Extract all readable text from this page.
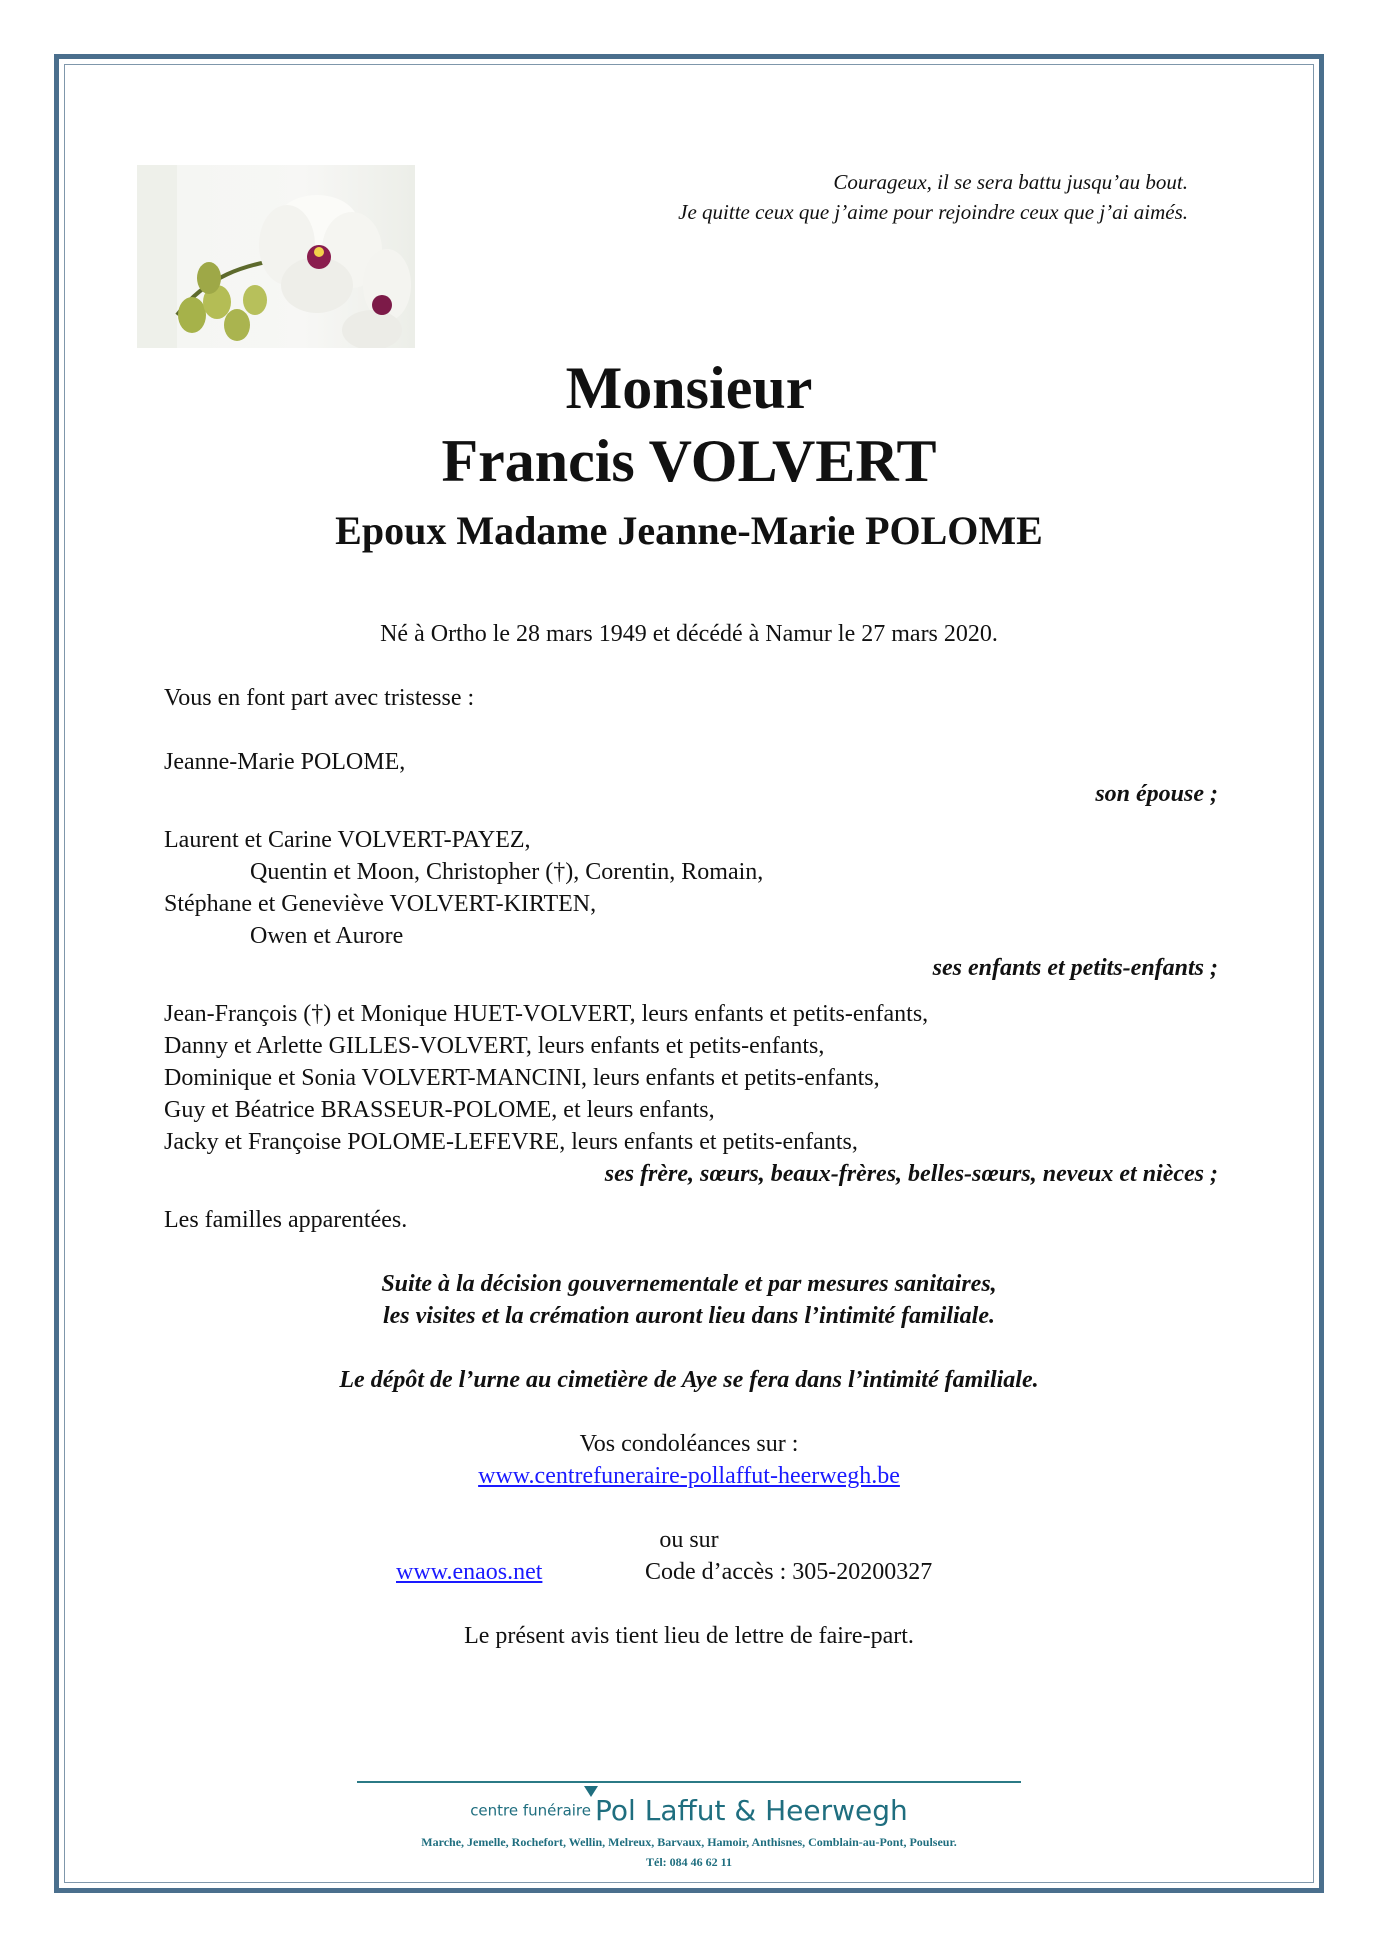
Courageux, il se sera battu jusqu’au bout.
Je quitte ceux que j’aime pour rejoindre ceux que j’ai aimés.
Monsieur
Francis VOLVERT
Epoux Madame Jeanne-Marie POLOME
Né à Ortho le 28 mars 1949 et décédé à Namur le 27 mars 2020.
Vous en font part avec tristesse :
Jeanne-Marie POLOME,
son épouse ;
Laurent et Carine VOLVERT-PAYEZ,
Quentin et Moon, Christopher (†), Corentin, Romain,
Stéphane et Geneviève VOLVERT-KIRTEN,
Owen et Aurore
ses enfants et petits-enfants ;
Jean-François (†) et Monique HUET-VOLVERT, leurs enfants et petits-enfants,
Danny et Arlette GILLES-VOLVERT, leurs enfants et petits-enfants,
Dominique et Sonia VOLVERT-MANCINI, leurs enfants et petits-enfants,
Guy et Béatrice BRASSEUR-POLOME, et leurs enfants,
Jacky et Françoise POLOME-LEFEVRE, leurs enfants et petits-enfants,
ses frère, sœurs, beaux-frères, belles-sœurs, neveux et nièces ;
Les familles apparentées.
Suite à la décision gouvernementale et par mesures sanitaires,
les visites et la crémation auront lieu dans l’intimité familiale.
Le dépôt de l’urne au cimetière de Aye se fera dans l’intimité familiale.
Vos condoléances sur :
www.centrefuneraire-pollaffut-heerwegh.be
ou sur
www.enaos.net	Code d’accès : 305-20200327
Le présent avis tient lieu de lettre de faire-part.
centre funéraire Pol Laffut & Heerwegh
Marche, Jemelle, Rochefort, Wellin, Melreux, Barvaux, Hamoir, Anthisnes, Comblain-au-Pont, Poulseur.
Tél: 084 46 62 11
